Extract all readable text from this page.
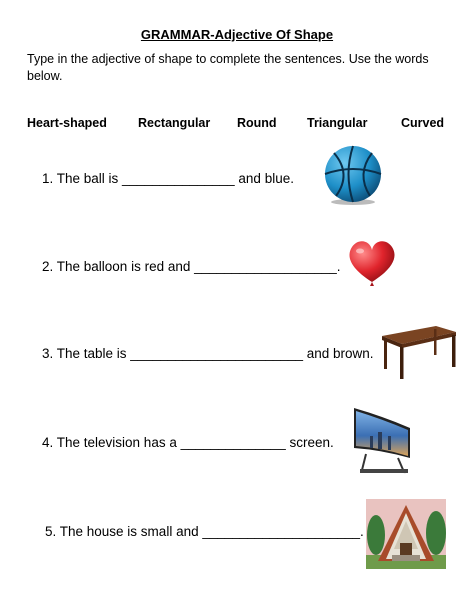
GRAMMAR-Adjective Of Shape
Type in the adjective of shape to complete the sentences. Use the words below.
Heart-shaped Rectangular Round Triangular	Curved
1. The ball is _______________ and blue.
2. The balloon is red and ___________________.
3. The table is _______________________ and brown.
4. The television has a ______________ screen.
5. The house is small and _____________________.
